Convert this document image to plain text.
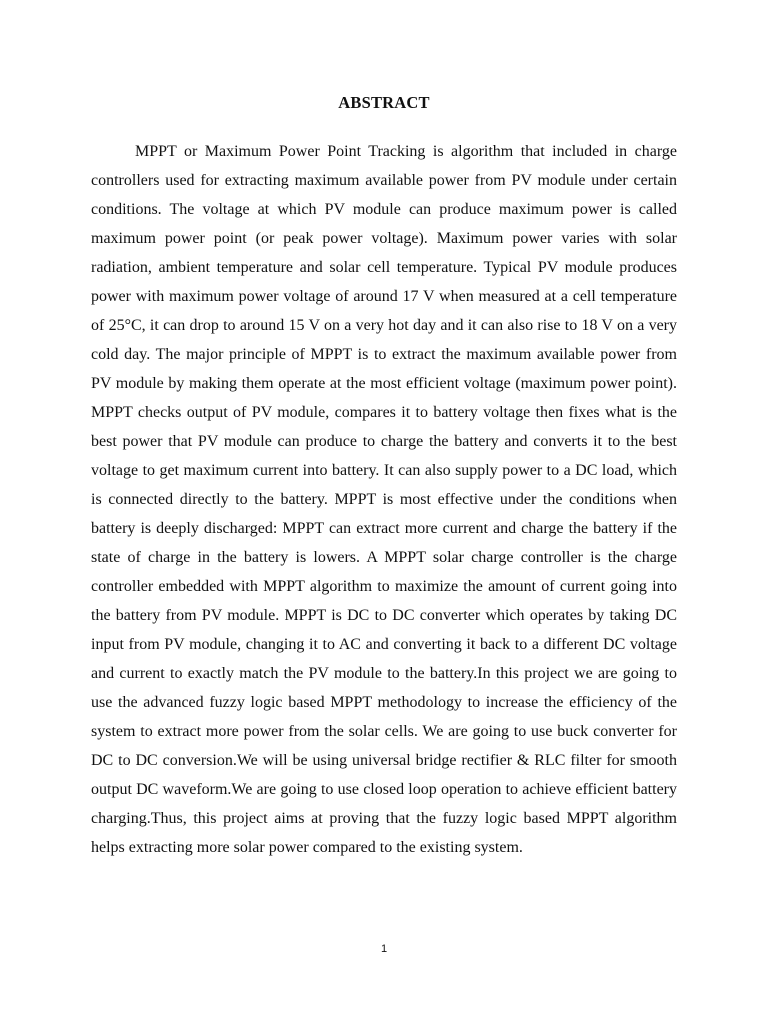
ABSTRACT

MPPT or Maximum Power Point Tracking is algorithm that included in charge controllers used for extracting maximum available power from PV module under certain conditions. The voltage at which PV module can produce maximum power is called maximum power point (or peak power voltage). Maximum power varies with solar radiation, ambient temperature and solar cell temperature. Typical PV module produces power with maximum power voltage of around 17 V when measured at a cell temperature of 25°C, it can drop to around 15 V on a very hot day and it can also rise to 18 V on a very cold day. The major principle of MPPT is to extract the maximum available power from PV module by making them operate at the most efficient voltage (maximum power point). MPPT checks output of PV module, compares it to battery voltage then fixes what is the best power that PV module can produce to charge the battery and converts it to the best voltage to get maximum current into battery. It can also supply power to a DC load, which is connected directly to the battery. MPPT is most effective under the conditions when battery is deeply discharged: MPPT can extract more current and charge the battery if the state of charge in the battery is lowers. A MPPT solar charge controller is the charge controller embedded with MPPT algorithm to maximize the amount of current going into the battery from PV module. MPPT is DC to DC converter which operates by taking DC input from PV module, changing it to AC and converting it back to a different DC voltage and current to exactly match the PV module to the battery.In this project we are going to use the advanced fuzzy logic based MPPT methodology to increase the efficiency of the system to extract more power from the solar cells. We are going to use buck converter for DC to DC conversion.We will be using universal bridge rectifier & RLC filter for smooth output DC waveform.We are going to use closed loop operation to achieve efficient battery charging.Thus, this project aims at proving that the fuzzy logic based MPPT algorithm helps extracting more solar power compared to the existing system.

1
